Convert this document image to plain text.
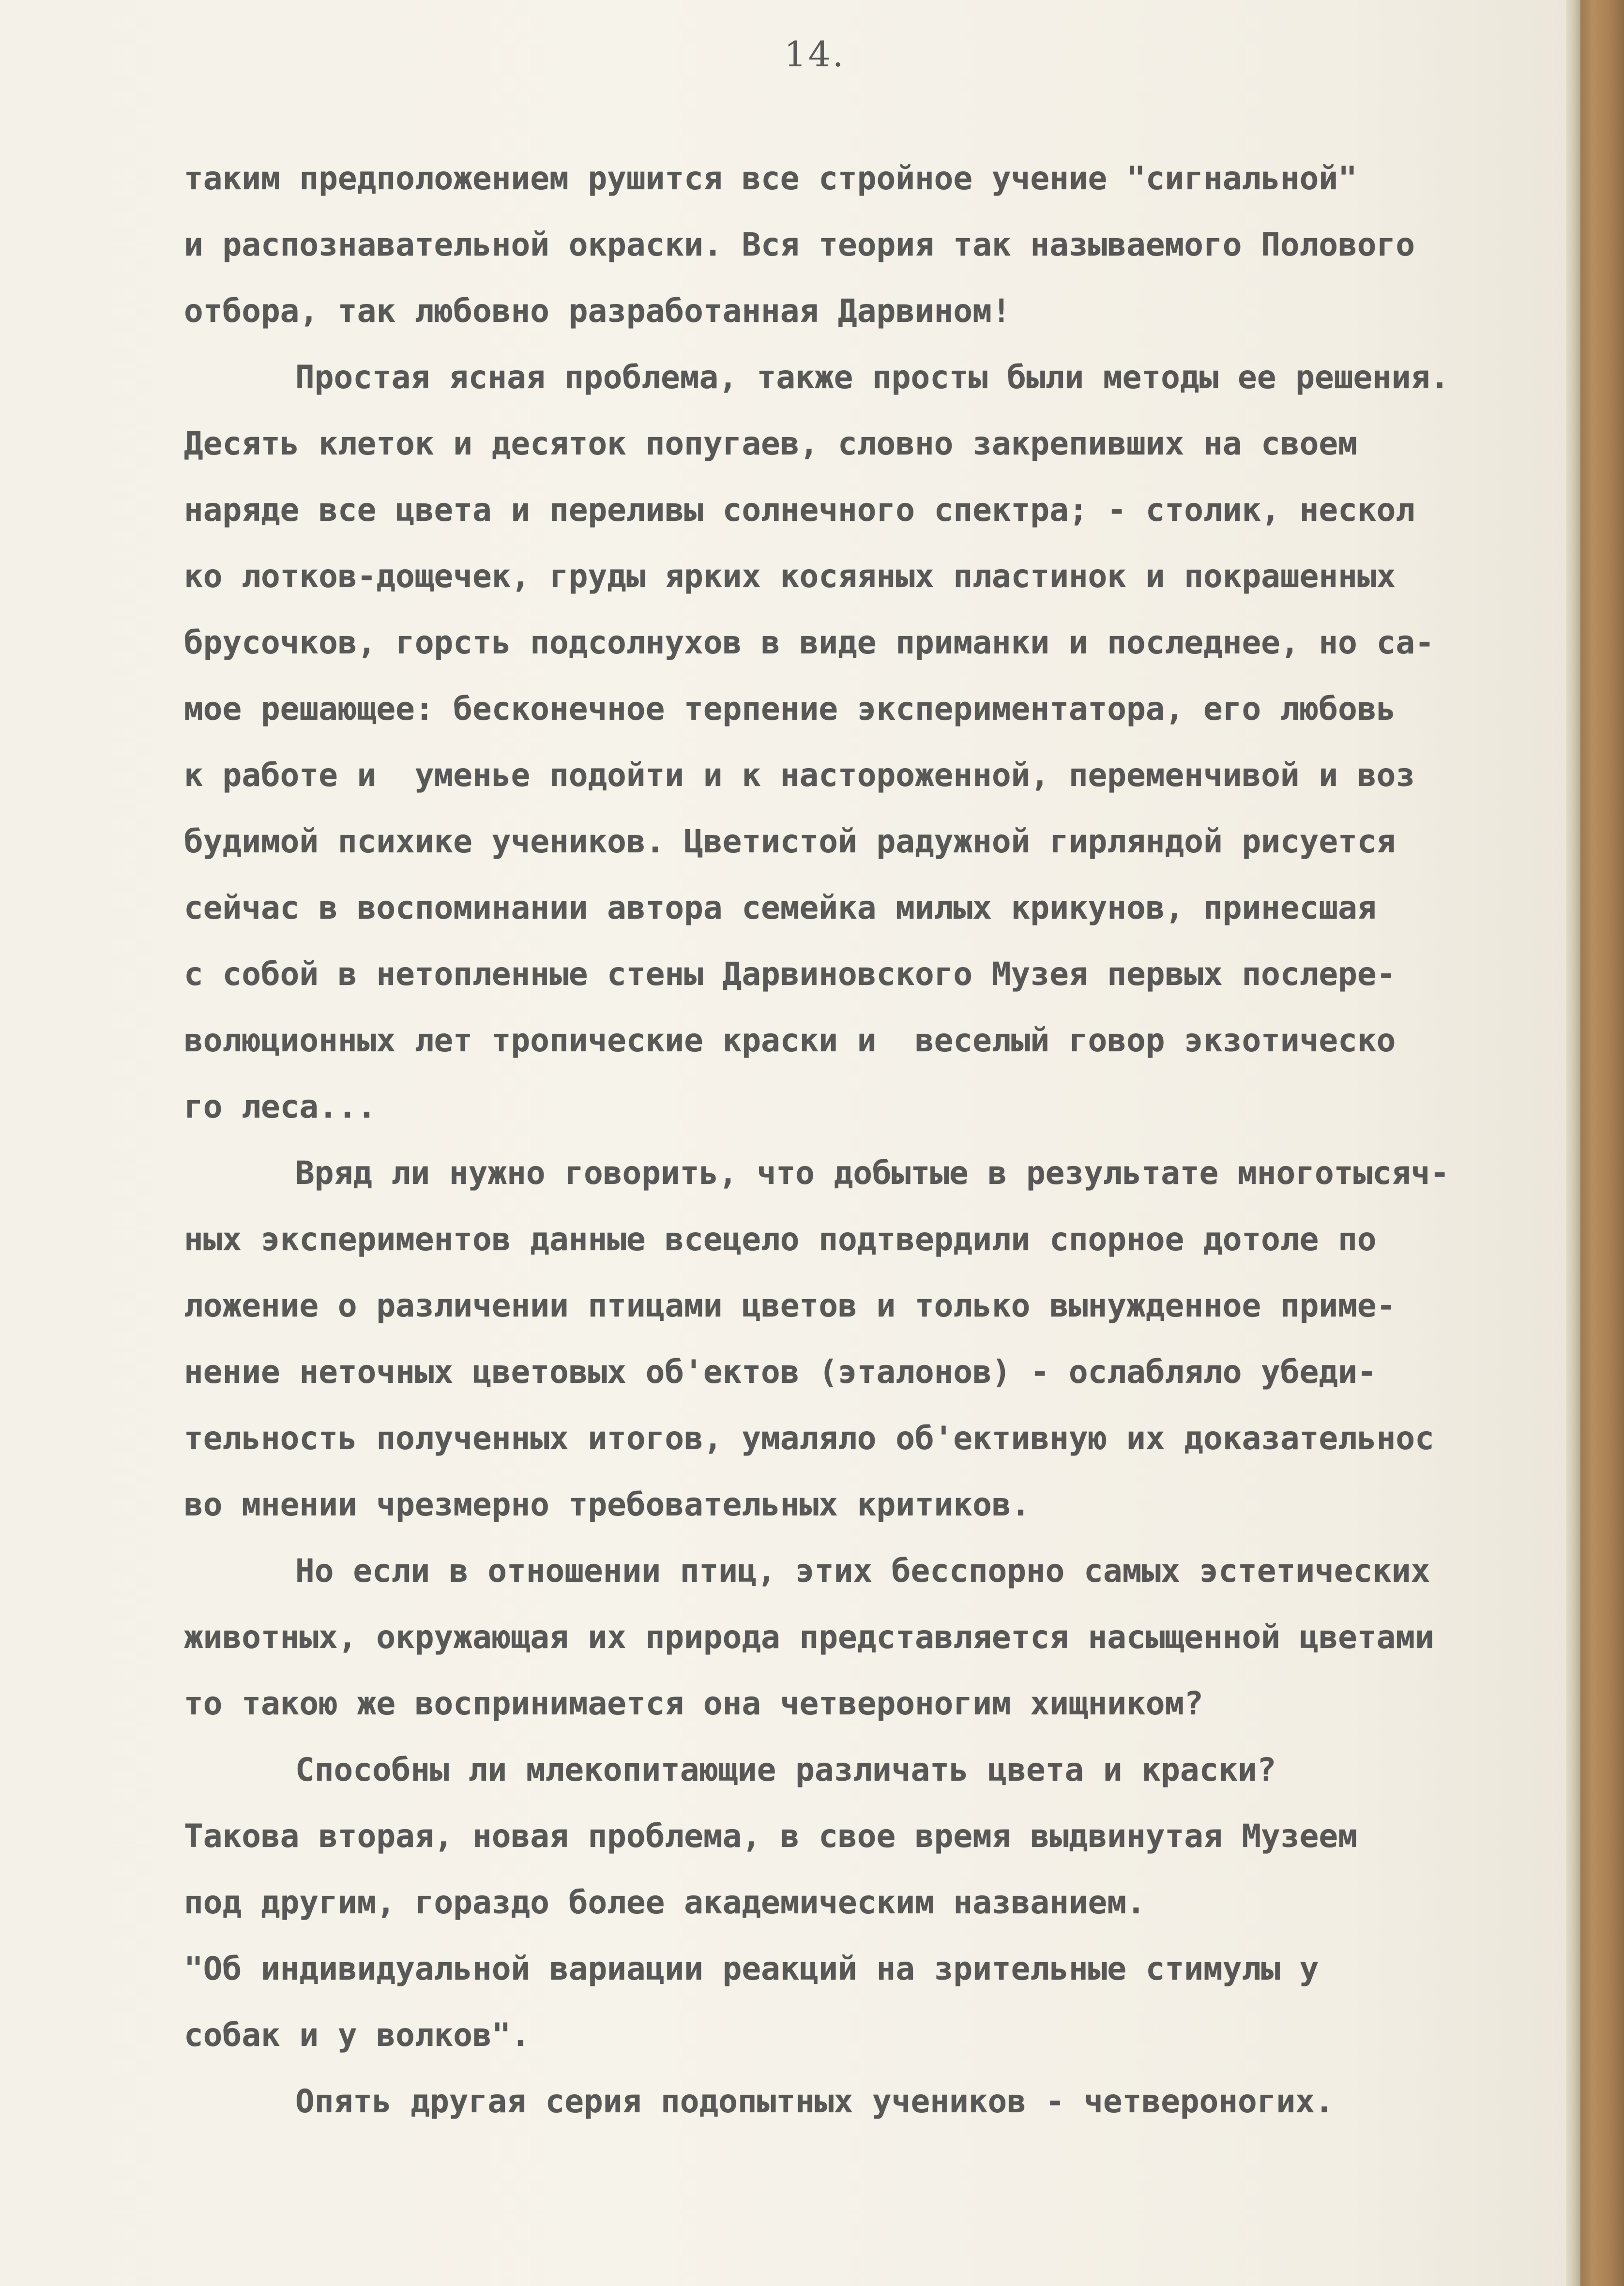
14.
таким предположением рушится все стройное учение "сигнальной"
и распознавательной окраски. Вся теория так называемого Полового
отбора, так любовно разработанная Дарвином!
Простая ясная проблема, также просты были методы ее решения.
Десять клеток и десяток попугаев, словно закрепивших на своем
наряде все цвета и переливы солнечного спектра; - столик, нескол
ко лотков-дощечек, груды ярких косяяных пластинок и покрашенных
брусочков, горсть подсолнухов в виде приманки и последнее, но са-
мое решающее: бесконечное терпение экспериментатора, его любовь
к работе и  уменье подойти и к настороженной, переменчивой и воз
будимой психике учеников. Цветистой радужной гирляндой рисуется
сейчас в воспоминании автора семейка милых крикунов, принесшая
с собой в нетопленные стены Дарвиновского Музея первых послере-
волюционных лет тропические краски и  веселый говор экзотическо
го леса...
Вряд ли нужно говорить, что добытые в результате многотысяч-
ных экспериментов данные всецело подтвердили спорное дотоле по
ложение о различении птицами цветов и только вынужденное приме-
нение неточных цветовых об'ектов (эталонов) - ослабляло убеди-
тельность полученных итогов, умаляло об'ективную их доказательнос
во мнении чрезмерно требовательных критиков.
Но если в отношении птиц, этих бесспорно самых эстетических
животных, окружающая их природа представляется насыщенной цветами
то такою же воспринимается она четвероногим хищником?
Способны ли млекопитающие различать цвета и краски?
Такова вторая, новая проблема, в свое время выдвинутая Музеем
под другим, гораздо более академическим названием.
"Об индивидуальной вариации реакций на зрительные стимулы у
собак и у волков".
Опять другая серия подопытных учеников - четвероногих.
